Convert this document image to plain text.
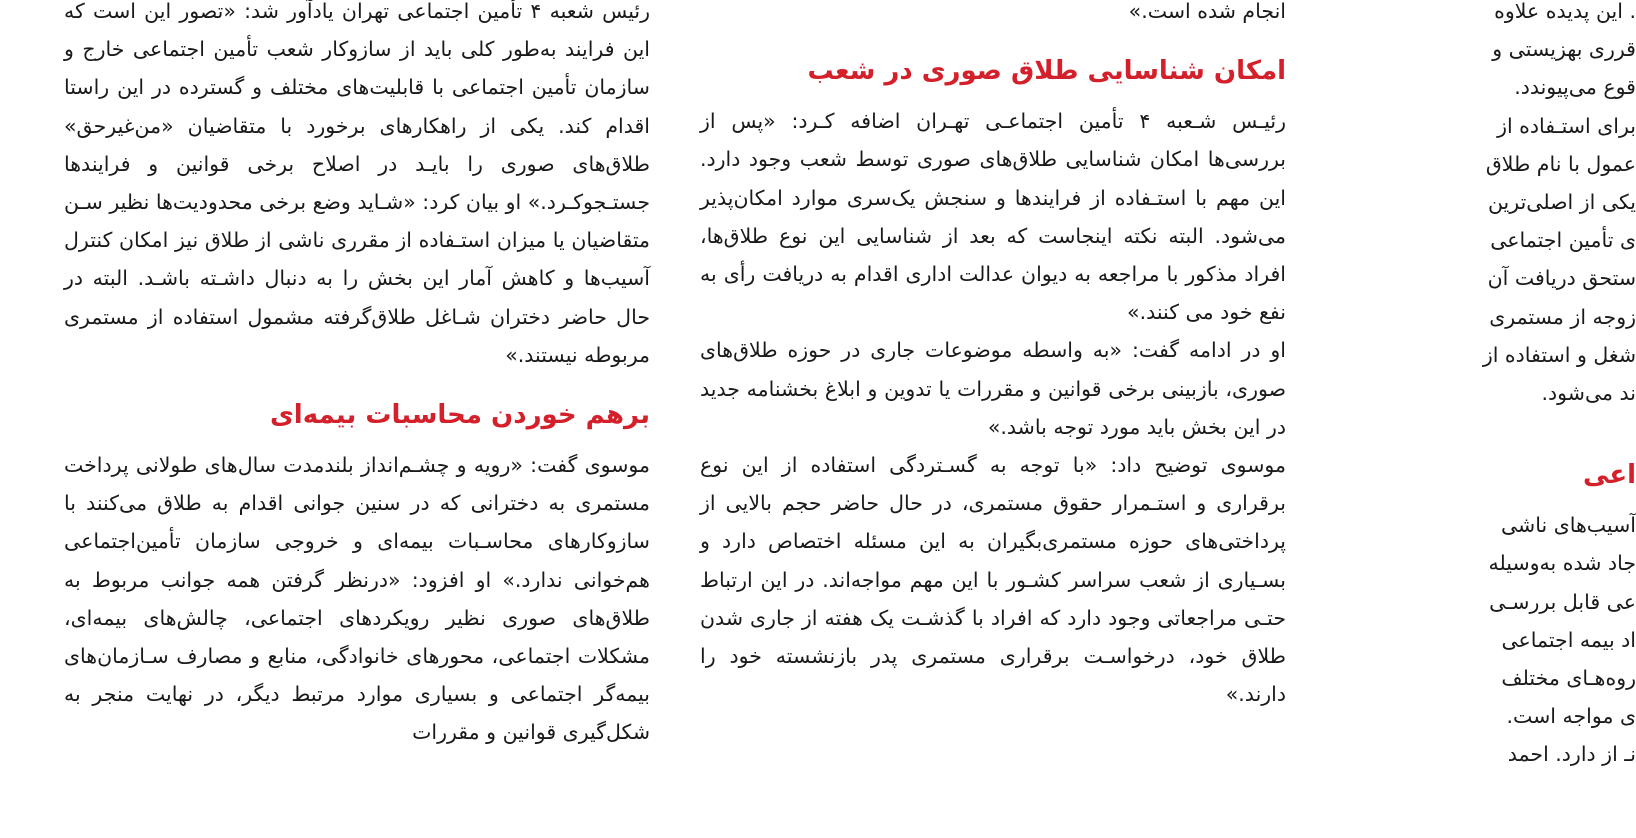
رئیس شعبه ۴ تأمین اجتماعی تهران یادآور شد: «تصور این است که این فرایند به‌طور کلی باید از سازوکار شعب تأمین اجتماعی خارج و سازمان تأمین اجتماعی با قابلیت‌های مختلف و گسترده در این راستا اقدام کند. یکی از راهکارهای برخورد با متقاضیان «من‌غیرحق» طلاق‌های صوری را بایـد در اصلاح برخی قوانین و فرایندها جستـجوکـرد.» او بیان کرد: «شـاید وضع برخی محدودیت‌ها نظیر سـن متقاضیان یا میزان استـفاده از مقرری ناشی از طلاق نیز امکان کنترل آسیب‌ها و کاهش آمار این بخش را به دنبال داشـته باشـد. البته در حال حاضر دختران شـاغل طلاق‌گرفته مشمول استفاده از مستمری مربوطه نیستند.»

برهم خوردن محاسبات بیمه‌ای

موسوی گفت: «رویه و چشـم‌انداز بلندمدت سال‌های طولانی پرداخت مستمری به دخترانی که در سنین جوانی اقدام به طلاق می‌کنند با سازوکارهای محاسـبات بیمه‌ای و خروجی سازمان تأمین‌اجتماعی هم‌خوانی ندارد.» او افزود: «درنظر گرفتن همه جوانب مربوط به طلاق‌های صوری نظیر رویکردهای اجتماعی، چالش‌های بیمه‌ای، مشکلات اجتماعی، محورهای خانوادگی، منابع و مصارف سـازمان‌های بیمه‌گر اجتماعی و بسیاری موارد مرتبط دیگر، در نهایت منجر به شکل‌گیری قوانین و مقررات

انجام شده است.»

امکان شناسایی طلاق صوری در شعب

رئیـس شـعبه ۴ تأمین اجتماعـی تهـران اضافه کـرد: «پس از بررسی‌ها امکان شناسایی طلاق‌های صوری توسط شعب وجود دارد. این مهم با استـفاده از فرایندها و سنجش یک‌سری موارد امکان‌پذیر می‌شود. البته نکته اینجاست که بعد از شناسایی این نوع طلاق‌ها، افراد مذکور با مراجعه به دیوان عدالت اداری اقدام به دریافت رأی به نفع خود می کنند.»

او در ادامه گفت: «به واسطه موضوعات جاری در حوزه طلاق‌های صوری، بازبینی برخی قوانین و مقررات یا تدوین و ابلاغ بخشنامه جدید در این بخش باید مورد توجه باشد.»

موسوی توضیح داد: «با توجه به گسـتردگی استفاده از این نوع برقراری و استـمرار حقوق مستمری، در حال حاضر حجم بالایی از پرداختی‌های حوزه مستمری‌بگیران به این مسئله اختصاص دارد و بسـیاری از شعب سراسر کشـور با این مهم مواجه‌اند. در این ارتباط حتـی مراجعاتی وجود دارد که افراد با گذشـت یک هفته از جاری شدن طلاق خود، درخواسـت برقراری مستمری پدر بازنشسته خود را دارند.»

. این پدیده علاوه

قرری بهزیستی و

قوع می‌پیوندد.

برای استـفاده از

عمول با نام طلاق

یکی از اصلی‌ترین

ی تأمین اجتماعی

ستحق دریافت آن

زوجه از مستمری

شغل و استفاده از

ند می‌شود.

اعی

آسیب‌های ناشی

جاد شده به‌وسیله

عی قابل بررسـی

اد بیمه اجتماعی

روه‌هـای مختلف

ی مواجه است.

نـ از دارد. احمد
